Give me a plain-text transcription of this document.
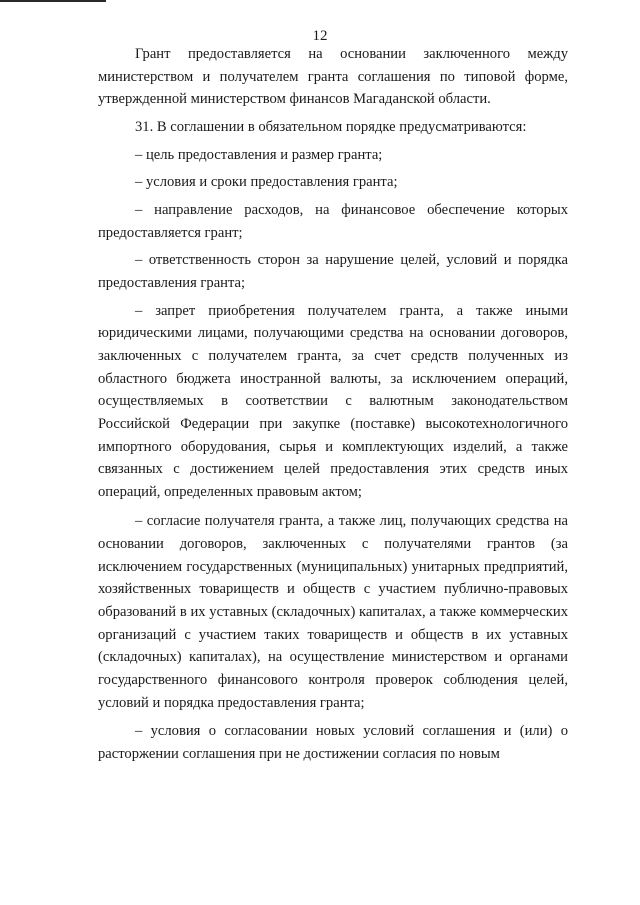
12

Грант предоставляется на основании заключенного между министерством и получателем гранта соглашения по типовой форме, утвержденной министерством финансов Магаданской области.

31. В соглашении в обязательном порядке предусматриваются:

– цель предоставления и размер гранта;

– условия и сроки предоставления гранта;

– направление расходов, на финансовое обеспечение которых предоставляется грант;

– ответственность сторон за нарушение целей, условий и порядка предоставления гранта;

– запрет приобретения получателем гранта, а также иными юридическими лицами, получающими средства на основании договоров, заключенных с получателем гранта, за счет средств полученных из областного бюджета иностранной валюты, за исключением операций, осуществляемых в соответствии с валютным законодательством Российской Федерации при закупке (поставке) высокотехнологичного импортного оборудования, сырья и комплектующих изделий, а также связанных с достижением целей предоставления этих средств иных операций, определенных правовым актом;

– согласие получателя гранта, а также лиц, получающих средства на основании договоров, заключенных с получателями грантов (за исключением государственных (муниципальных) унитарных предприятий, хозяйственных товариществ и обществ с участием публично-правовых образований в их уставных (складочных) капиталах, а также коммерческих организаций с участием таких товариществ и обществ в их уставных (складочных) капиталах), на осуществление министерством и органами государственного финансового контроля проверок соблюдения целей, условий и порядка предоставления гранта;

– условия о согласовании новых условий соглашения и (или) о расторжении соглашения при не достижении согласия по новым
